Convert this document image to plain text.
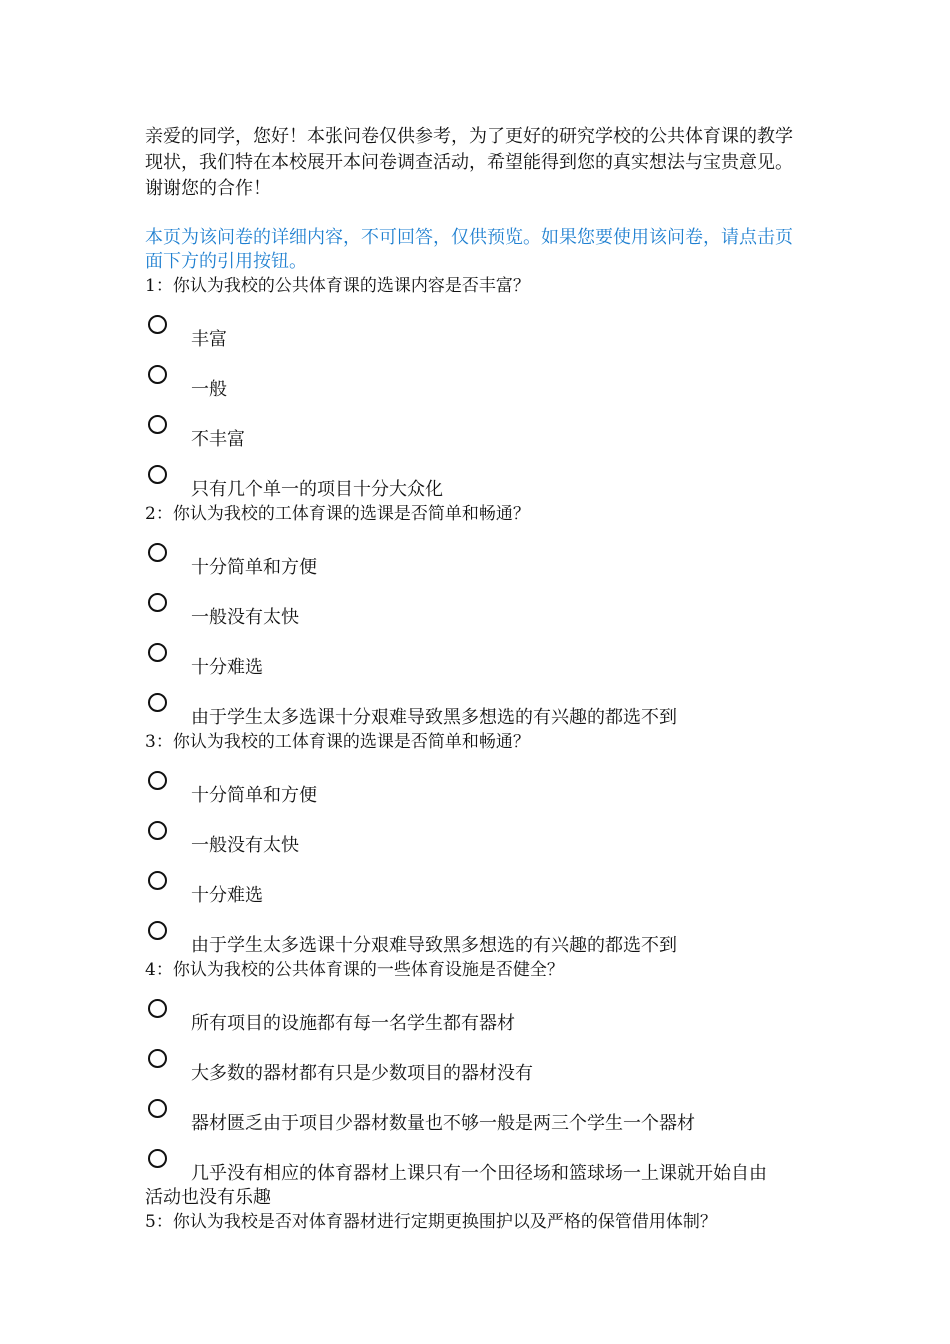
亲爱的同学，您好！本张问卷仅供参考，为了更好的研究学校的公共体育课的教学现状，我们特在本校展开本问卷调查活动，希望能得到您的真实想法与宝贵意见。谢谢您的合作！

本页为该问卷的详细内容，不可回答，仅供预览。如果您要使用该问卷，请点击页面下方的引用按钮。

1：你认为我校的公共体育课的选课内容是否丰富？

丰富
一般
不丰富
只有几个单一的项目十分大众化

2：你认为我校的工体育课的选课是否简单和畅通？

十分简单和方便
一般没有太快
十分难选
由于学生太多选课十分艰难导致黑多想选的有兴趣的都选不到

3：你认为我校的工体育课的选课是否简单和畅通？

十分简单和方便
一般没有太快
十分难选
由于学生太多选课十分艰难导致黑多想选的有兴趣的都选不到

4：你认为我校的公共体育课的一些体育设施是否健全？

所有项目的设施都有每一名学生都有器材
大多数的器材都有只是少数项目的器材没有
器材匮乏由于项目少器材数量也不够一般是两三个学生一个器材
几乎没有相应的体育器材上课只有一个田径场和篮球场一上课就开始自由
活动也没有乐趣

5：你认为我校是否对体育器材进行定期更换围护以及严格的保管借用体制？
